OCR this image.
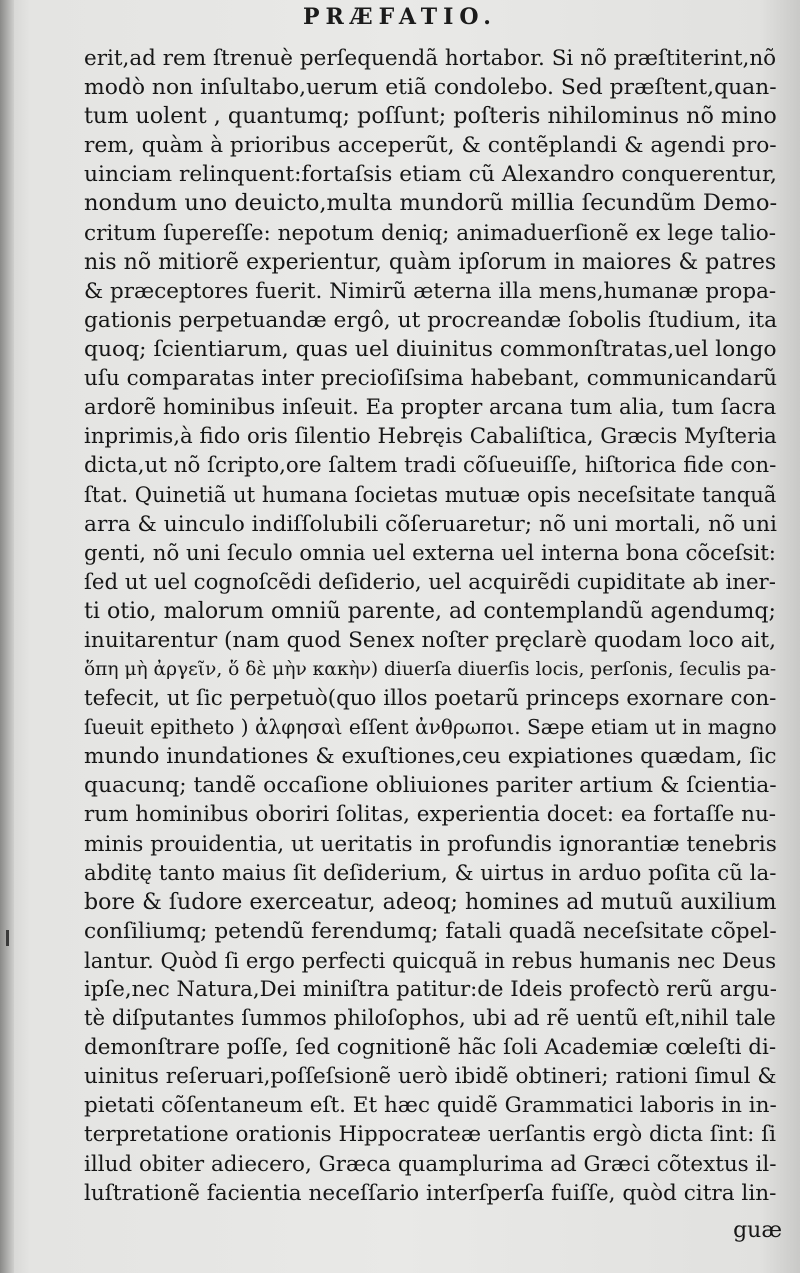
PRÆFATIO.
erit,ad rem ſtrenuè perſequendã hortabor. Si nõ præſtiterint,nõ
modò non inſultabo,uerum etiã condolebo. Sed præſtent,quan-
tum uolent , quantumq; poſſunt; poſteris nihilominus nõ mino
rem, quàm à prioribus acceperũt, & contẽplandi & agendi pro-
uinciam relinquent:fortaſsis etiam cũ Alexandro conquerentur,
nondum uno deuicto,multa mundorũ millia ſecundũm Demo-
critum ſupereſſe: nepotum deniq; animaduerſionẽ ex lege talio-
nis nõ mitiorẽ experientur, quàm ipſorum in maiores & patres
& præceptores fuerit. Nimirũ æterna illa mens,humanæ propa-
gationis perpetuandæ ergô, ut procreandæ ſobolis ſtudium, ita
quoq; ſcientiarum, quas uel diuinitus commonſtratas,uel longo
uſu comparatas inter precioſiſsima habebant, communicandarũ
ardorẽ hominibus inſeuit. Ea propter arcana tum alia, tum ſacra
inprimis,à fido oris ſilentio Hebręis Cabaliſtica, Græcis Myſteria
dicta,ut nõ ſcripto,ore ſaltem tradi cõſueuiſſe, hiſtorica fide con-
ſtat. Quinetiã ut humana ſocietas mutuæ opis neceſsitate tanquã
arra & uinculo indiſſolubili cõſeruaretur; nõ uni mortali, nõ uni
genti, nõ uni ſeculo omnia uel externa uel interna bona cõceſsit:
ſed ut uel cognoſcẽdi deſiderio, uel acquirẽdi cupiditate ab iner-
ti otio, malorum omniũ parente, ad contemplandũ agendumq;
inuitarentur (nam quod Senex noſter pręclarè quodam loco ait,
ὅπη μὴ ἀργεῖν, ὅ δὲ μὴν κακὴν) diuerſa diuerſis locis, perſonis, ſeculis pa-
tefecit, ut ſic perpetuò(quo illos poetarũ princeps exornare con-
ſueuit epitheto ) ἀλφησαὶ eſſent ἀνθρωποι. Sæpe etiam ut in magno
mundo inundationes & exuſtiones,ceu expiationes quædam, ſic
quacunq; tandẽ occaſione obliuiones pariter artium & ſcientia-
rum hominibus oboriri ſolitas, experientia docet: ea fortaſſe nu-
minis prouidentia, ut ueritatis in profundis ignorantiæ tenebris
abditę tanto maius ſit deſiderium, & uirtus in arduo poſita cũ la-
bore & ſudore exerceatur, adeoq; homines ad mutuũ auxilium
conſiliumq; petendũ ferendumq; fatali quadã neceſsitate cõpel-
lantur. Quòd ſi ergo perfecti quicquã in rebus humanis nec Deus
ipſe,nec Natura,Dei miniſtra patitur:de Ideis profectò rerũ argu-
tè diſputantes ſummos philoſophos, ubi ad rẽ uentũ eſt,nihil tale
demonſtrare poſſe, ſed cognitionẽ hãc ſoli Academiæ cœleſti di-
uinitus reſeruari,poſſeſsionẽ uerò ibidẽ obtineri; rationi ſimul &
pietati cõſentaneum eſt. Et hæc quidẽ Grammatici laboris in in-
terpretatione orationis Hippocrateæ uerſantis ergò dicta ſint: ſi
illud obiter adiecero, Græca quamplurima ad Græci cõtextus il-
luſtrationẽ facientia neceſſario interſperſa fuiſſe, quòd citra lin-
guæ
